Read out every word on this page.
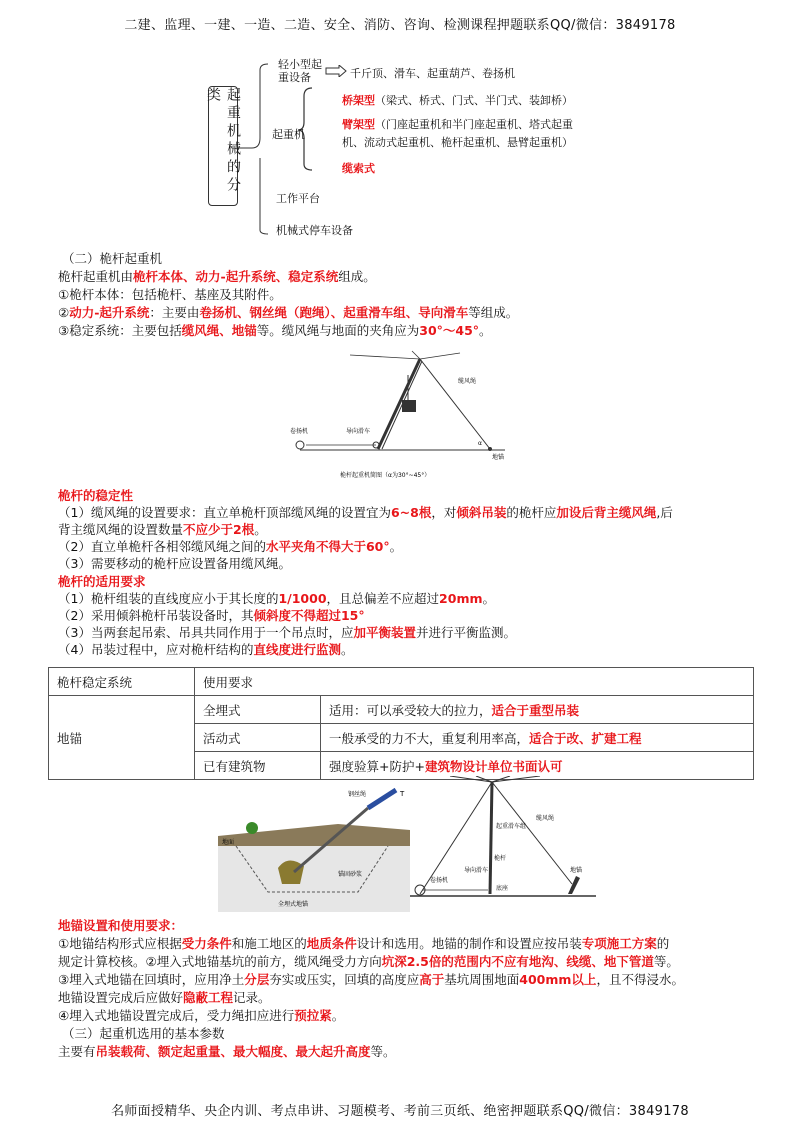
二建、监理、一建、一造、二造、安全、消防、咨询、检测课程押题联系QQ/微信：3849178
名师面授精华、央企内训、考点串讲、习题模考、考前三页纸、绝密押题联系QQ/微信：3849178
起重机械的分类
轻小型起重设备	千斤顶、滑车、起重葫芦、卷扬机
起重机
桥架型（梁式、桥式、门式、半门式、装卸桥）
臂架型（门座起重机和半门座起重机、塔式起重
机、流动式起重机、桅杆起重机、悬臂起重机）
缆索式
工作平台
机械式停车设备
（二）桅杆起重机
桅杆起重机由桅杆本体、动力-起升系统、稳定系统组成。
①桅杆本体：包括桅杆、基座及其附件。
②动力-起升系统：主要由卷扬机、钢丝绳（跑绳）、起重滑车组、导向滑车等组成。
③稳定系统：主要包括缆风绳、地锚等。缆风绳与地面的夹角应为30°～45°。
缆风绳
地锚
卷扬机	导向滑车
α
桅杆起重机简图（α为30°~45°）
桅杆的稳定性
（1）缆风绳的设置要求：直立单桅杆顶部缆风绳的设置宜为6~8根，对倾斜吊装的桅杆应加设后背主缆风绳,后
背主缆风绳的设置数量不应少于2根。
（2）直立单桅杆各相邻缆风绳之间的水平夹角不得大于60°。
（3）需要移动的桅杆应设置备用缆风绳。
桅杆的适用要求
（1）桅杆组装的直线度应小于其长度的1/1000，且总偏差不应超过20mm。
（2）采用倾斜桅杆吊装设备时，其倾斜度不得超过15°
（3）当两套起吊索、吊具共同作用于一个吊点时，应加平衡装置并进行平衡监测。
（4）吊装过程中，应对桅杆结构的直线度进行监测。
桅杆稳定系统	使用要求	
地锚	全埋式	适用：可以承受较大的拉力，适合于重型吊装
	活动式	一般承受的力不大，重复利用率高，适合于改、扩建工程
	已有建筑物	强度验算+防护+建筑物设计单位书面认可
钢丝绳	T
地面
锚固砂浆
全埋式地锚
缆风绳
起重滑车组
桅杆
导向滑车
卷扬机
底座
地锚
地锚设置和使用要求：
①地锚结构形式应根据受力条件和施工地区的地质条件设计和选用。地锚的制作和设置应按吊装专项施工方案的
规定计算校核。②埋入式地锚基坑的前方，缆风绳受力方向坑深2.5倍的范围内不应有地沟、线缆、地下管道等。
③埋入式地锚在回填时，应用净土分层夯实或压实，回填的高度应高于基坑周围地面400mm以上，且不得浸水。
地锚设置完成后应做好隐蔽工程记录。
④埋入式地锚设置完成后，受力绳扣应进行预拉紧。
（三）起重机选用的基本参数
主要有吊装载荷、额定起重量、最大幅度、最大起升高度等。
